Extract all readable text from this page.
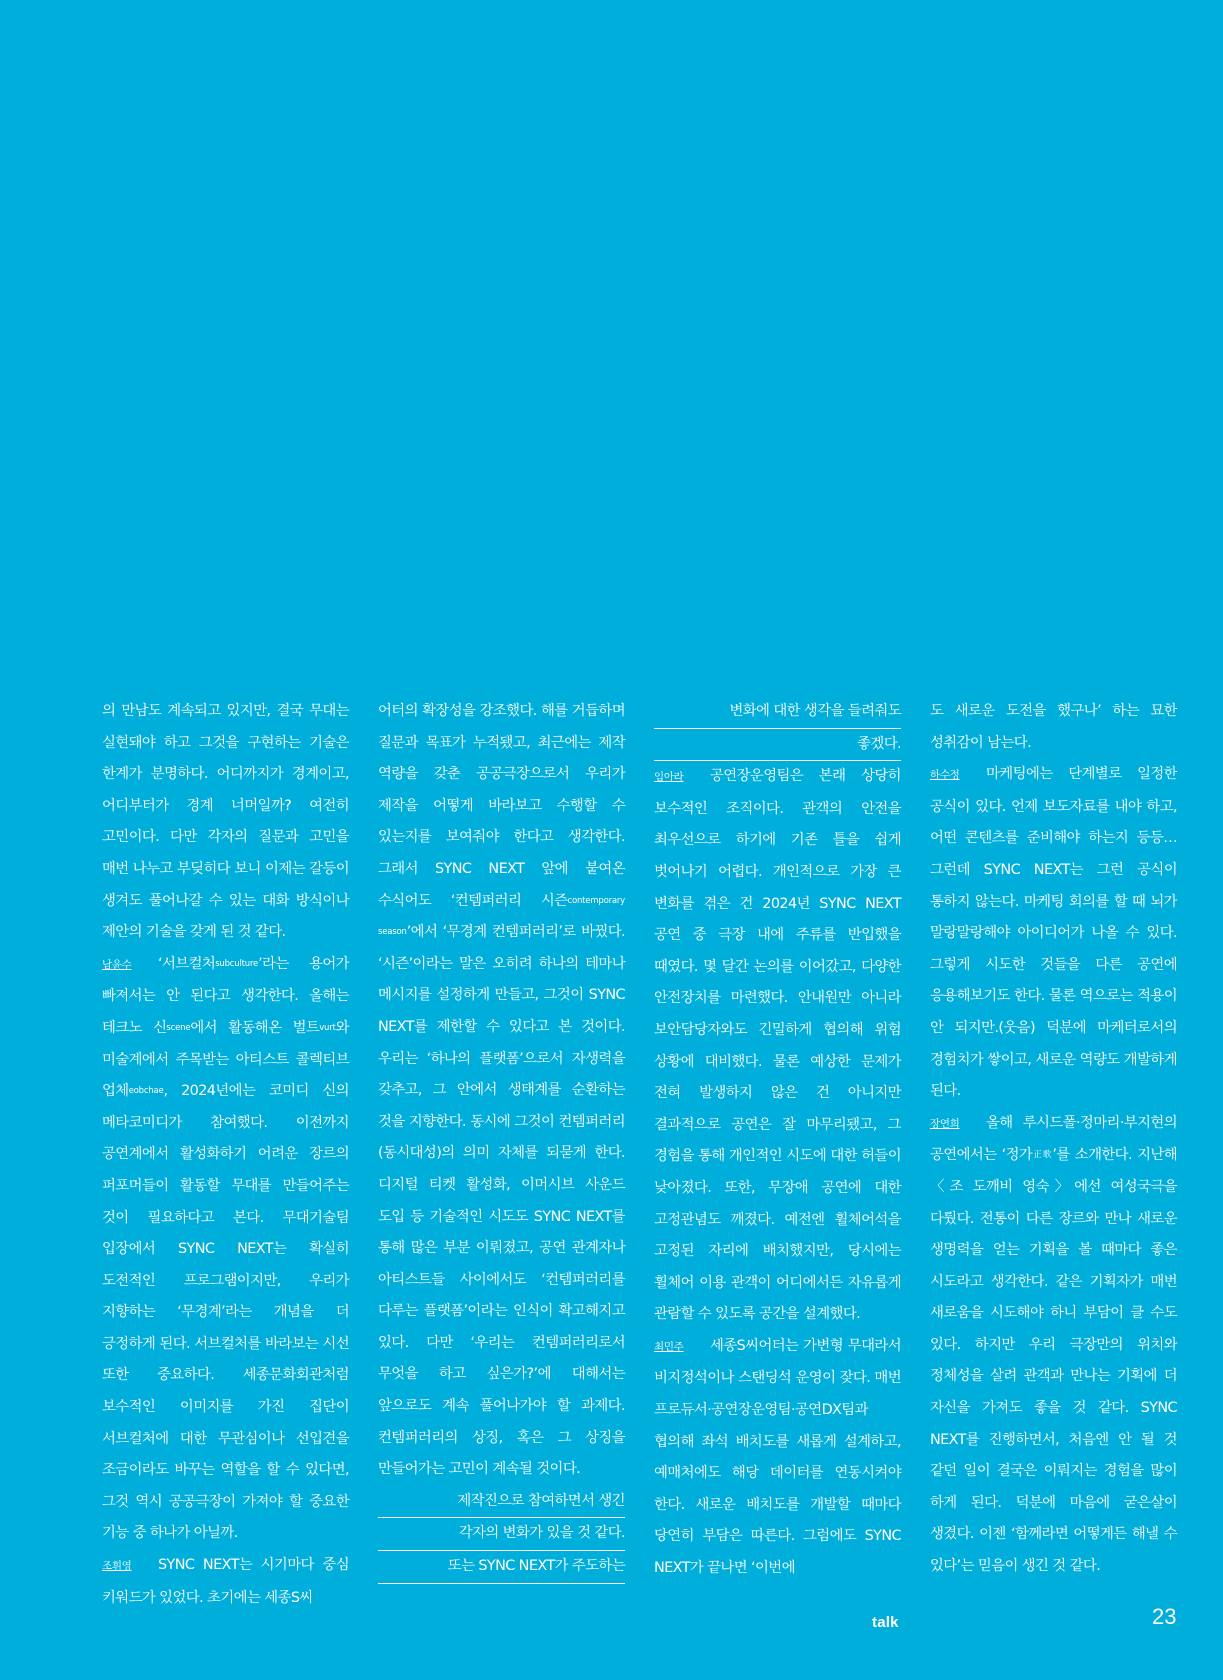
의 만남도 계속되고 있지만, 결국 무대는 실현돼야 하고 그것을 구현하는 기술은 한계가 분명하다. 어디까지가 경계이고, 어디부터가 경계 너머일까? 여전히 고민이다. 다만 각자의 질문과 고민을 매번 나누고 부딪히다 보니 이제는 갈등이 생겨도 풀어나갈 수 있는 대화 방식이나 제안의 기술을 갖게 된 것 같다.

남윤수 ‘서브컬처$^{subculture}$’라는 용어가 빠져서는 안 된다고 생각한다. 올해는 테크노 신$^{scene}$에서 활동해온 벌트$^{vurt}$와 미술계에서 주목받는 아티스트 콜렉티브 업체$^{eobchae}$, 2024년에는 코미디 신의 메타코미디가 참여했다. 이전까지 공연계에서 활성화하기 어려운 장르의 퍼포머들이 활동할 무대를 만들어주는 것이 필요하다고 본다. 무대기술팀 입장에서 SYNC NEXT는 확실히 도전적인 프로그램이지만, 우리가 지향하는 ‘무경계’라는 개념을 더 긍정하게 된다. 서브컬처를 바라보는 시선 또한 중요하다. 세종문화회관처럼 보수적인 이미지를 가진 집단이 서브컬처에 대한 무관심이나 선입견을 조금이라도 바꾸는 역할을 할 수 있다면, 그것 역시 공공극장이 가져야 할 중요한 기능 중 하나가 아닐까.

조휘영 SYNC NEXT는 시기마다 중심 키워드가 있었다. 초기에는 세종S씨

어터의 확장성을 강조했다. 해를 거듭하며 질문과 목표가 누적됐고, 최근에는 제작 역량을 갖춘 공공극장으로서 우리가 제작을 어떻게 바라보고 수행할 수 있는지를 보여줘야 한다고 생각한다. 그래서 SYNC NEXT 앞에 붙여온 수식어도 ‘컨템퍼러리 시즌$^{contemporary season}$’에서 ‘무경계 컨템퍼러리’로 바꿨다. ‘시즌’이라는 말은 오히려 하나의 테마나 메시지를 설정하게 만들고, 그것이 SYNC NEXT를 제한할 수 있다고 본 것이다. 우리는 ‘하나의 플랫폼’으로서 자생력을 갖추고, 그 안에서 생태계를 순환하는 것을 지향한다. 동시에 그것이 컨템퍼러리(동시대성)의 의미 자체를 되묻게 한다. 디지털 티켓 활성화, 이머시브 사운드 도입 등 기술적인 시도도 SYNC NEXT를 통해 많은 부분 이뤄졌고, 공연 관계자나 아티스트들 사이에서도 ‘컨템퍼러리를 다루는 플랫폼’이라는 인식이 확고해지고 있다. 다만 ‘우리는 컨템퍼러리로서 무엇을 하고 싶은가?’에 대해서는 앞으로도 계속 풀어나가야 할 과제다. 컨템퍼러리의 상징, 혹은 그 상징을 만들어가는 고민이 계속될 것이다.

제작진으로 참여하면서 생긴
각자의 변화가 있을 것 같다.
또는 SYNC NEXT가 주도하는
변화에 대한 생각을 들려줘도
좋겠다.

임아라 공연장운영팀은 본래 상당히 보수적인 조직이다. 관객의 안전을 최우선으로 하기에 기존 틀을 쉽게 벗어나기 어렵다. 개인적으로 가장 큰 변화를 겪은 건 2024년 SYNC NEXT 공연 중 극장 내에 주류를 반입했을 때였다. 몇 달간 논의를 이어갔고, 다양한 안전장치를 마련했다. 안내원만 아니라 보안담당자와도 긴밀하게 협의해 위험 상황에 대비했다. 물론 예상한 문제가 전혀 발생하지 않은 건 아니지만 결과적으로 공연은 잘 마무리됐고, 그 경험을 통해 개인적인 시도에 대한 허들이 낮아졌다. 또한, 무장애 공연에 대한 고정관념도 깨졌다. 예전엔 휠체어석을 고정된 자리에 배치했지만, 당시에는 휠체어 이용 관객이 어디에서든 자유롭게 관람할 수 있도록 공간을 설계했다.

최민주 세종S씨어터는 가변형 무대라서 비지정석이나 스탠딩석 운영이 잦다. 매번 프로듀서·공연장운영팀·공연DX팀과 협의해 좌석 배치도를 새롭게 설계하고, 예매처에도 해당 데이터를 연동시켜야 한다. 새로운 배치도를 개발할 때마다 당연히 부담은 따른다. 그럼에도 SYNC NEXT가 끝나면 ‘이번에

도 새로운 도전을 했구나’ 하는 묘한 성취감이 남는다.

하수정 마케팅에는 단계별로 일정한 공식이 있다. 언제 보도자료를 내야 하고, 어떤 콘텐츠를 준비해야 하는지 등등… 그런데 SYNC NEXT는 그런 공식이 통하지 않는다. 마케팅 회의를 할 때 뇌가 말랑말랑해야 아이디어가 나올 수 있다. 그렇게 시도한 것들을 다른 공연에 응용해보기도 한다. 물론 역으로는 적용이 안 되지만.(웃음) 덕분에 마케터로서의 경험치가 쌓이고, 새로운 역량도 개발하게 된다.

장연희 올해 루시드폴·정마리·부지현의 공연에서는 ‘정가$^{正歌}$’를 소개한다. 지난해 〈조 도깨비 영숙〉에선 여성국극을 다뤘다. 전통이 다른 장르와 만나 새로운 생명력을 얻는 기획을 볼 때마다 좋은 시도라고 생각한다. 같은 기획자가 매번 새로움을 시도해야 하니 부담이 클 수도 있다. 하지만 우리 극장만의 위치와 정체성을 살려 관객과 만나는 기획에 더 자신을 가져도 좋을 것 같다. SYNC NEXT를 진행하면서, 처음엔 안 될 것 같던 일이 결국은 이뤄지는 경험을 많이 하게 된다. 덕분에 마음에 굳은살이 생겼다. 이젠 ‘함께라면 어떻게든 해낼 수 있다’는 믿음이 생긴 것 같다.

talk	23
